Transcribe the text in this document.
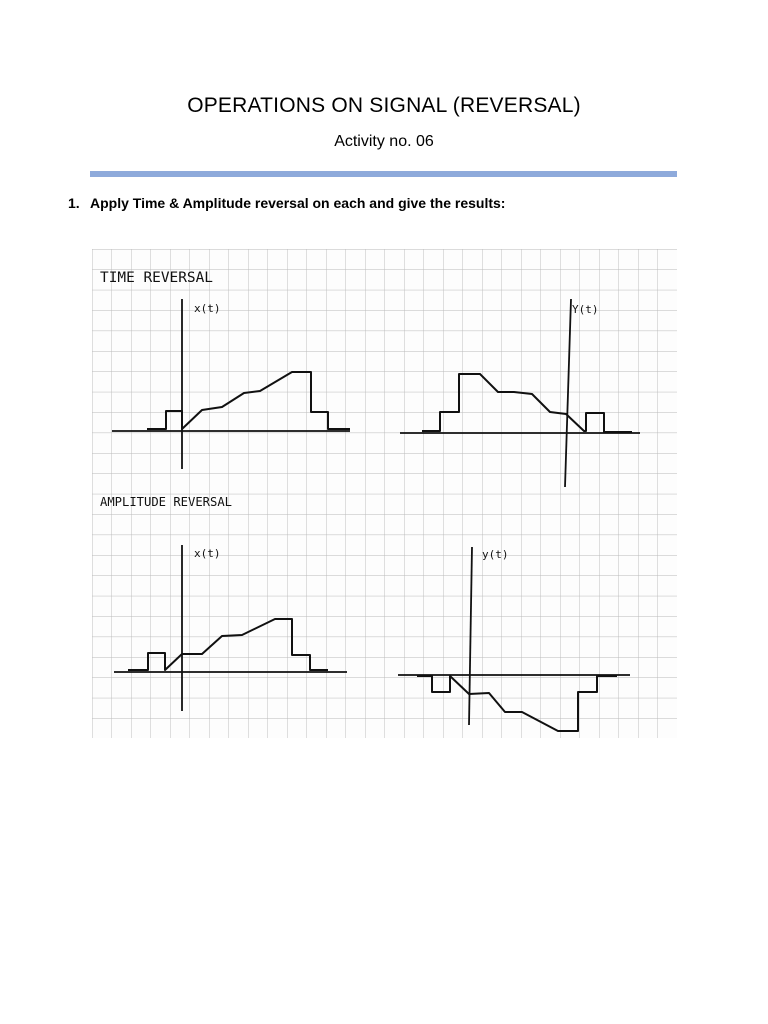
OPERATIONS ON SIGNAL (REVERSAL)
Activity no. 06
1. Apply Time & Amplitude reversal on each and give the results:
TIME REVERSAL
AMPLITUDE REVERSAL
x(t)	Y(t)
x(t)	y(t)
